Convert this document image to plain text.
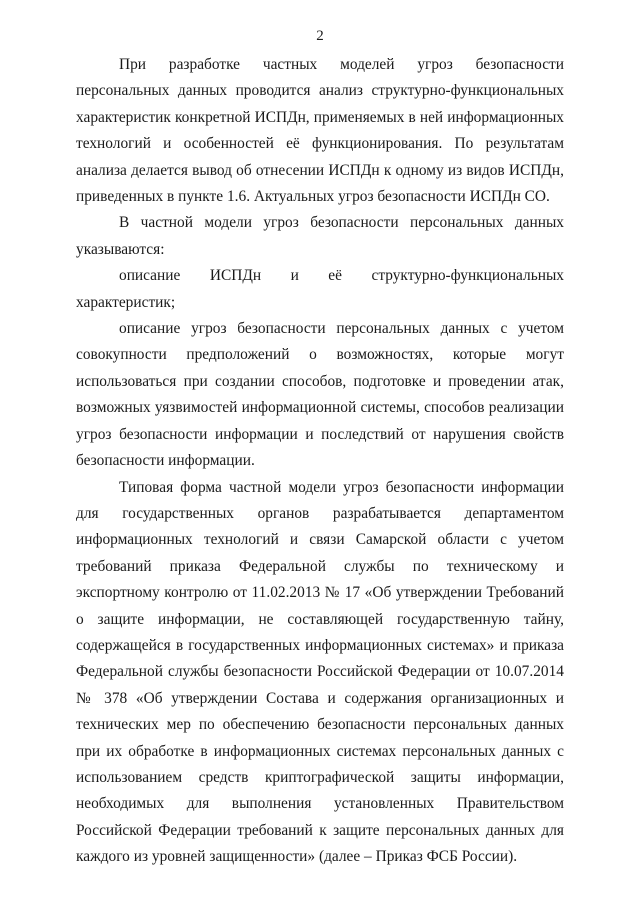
2

При разработке частных моделей угроз безопасности персональных данных проводится анализ структурно-функциональных характеристик конкретной ИСПДн, применяемых в ней информационных технологий и особенностей её функционирования. По результатам анализа делается вывод об отнесении ИСПДн к одному из видов ИСПДн, приведенных в пункте 1.6. Актуальных угроз безопасности ИСПДн СО.

В частной модели угроз безопасности персональных данных указываются:

описание ИСПДн и её структурно-функциональных характеристик;

описание угроз безопасности персональных данных с учетом совокупности предположений о возможностях, которые могут использоваться при создании способов, подготовке и проведении атак, возможных уязвимостей информационной системы, способов реализации угроз безопасности информации и последствий от нарушения свойств безопасности информации.

Типовая форма частной модели угроз безопасности информации для государственных органов разрабатывается департаментом информационных технологий и связи Самарской области с учетом требований приказа Федеральной службы по техническому и экспортному контролю от 11.02.2013 № 17 «Об утверждении Требований о защите информации, не составляющей государственную тайну, содержащейся в государственных информационных системах» и приказа Федеральной службы безопасности Российской Федерации от 10.07.2014 № 378 «Об утверждении Состава и содержания организационных и технических мер по обеспечению безопасности персональных данных при их обработке в информационных системах персональных данных с использованием средств криптографической защиты информации, необходимых для выполнения установленных Правительством Российской Федерации требований к защите персональных данных для каждого из уровней защищенности» (далее – Приказ ФСБ России).
